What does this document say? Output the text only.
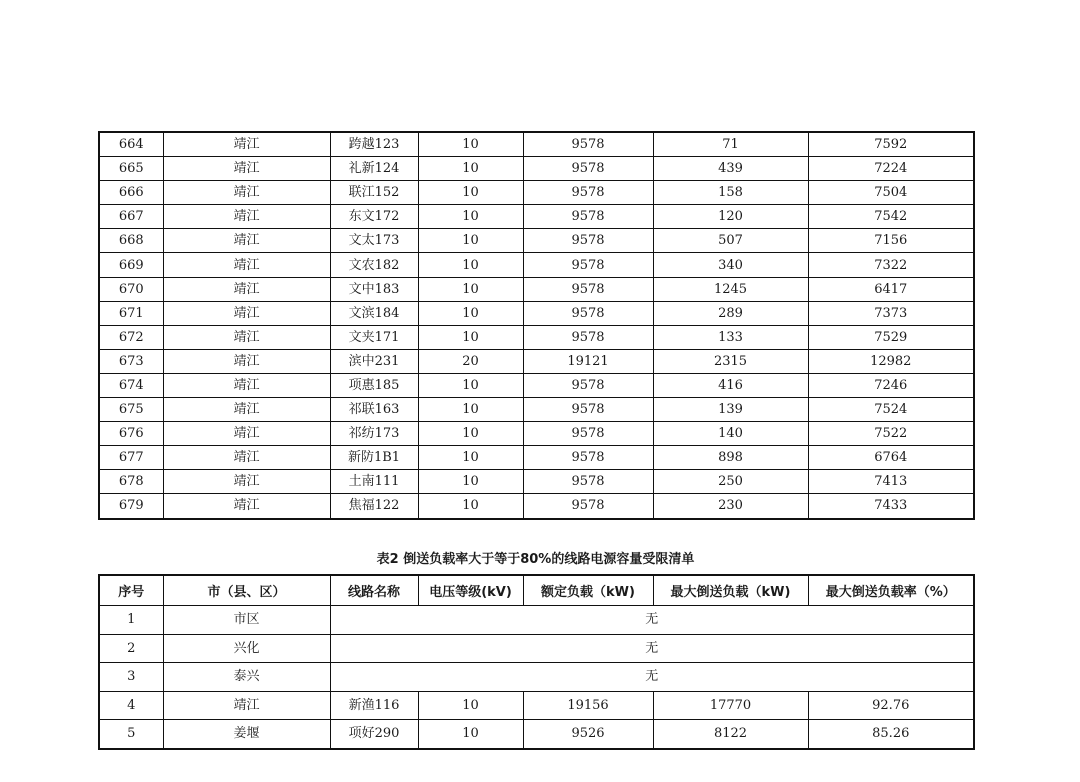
664	靖江	跨越123	10	9578	71	7592
665	靖江	礼新124	10	9578	439	7224
666	靖江	联江152	10	9578	158	7504
667	靖江	东文172	10	9578	120	7542
668	靖江	文太173	10	9578	507	7156
669	靖江	文农182	10	9578	340	7322
670	靖江	文中183	10	9578	1245	6417
671	靖江	文滨184	10	9578	289	7373
672	靖江	文夹171	10	9578	133	7529
673	靖江	滨中231	20	19121	2315	12982
674	靖江	项惠185	10	9578	416	7246
675	靖江	祁联163	10	9578	139	7524
676	靖江	祁纺173	10	9578	140	7522
677	靖江	新防1B1	10	9578	898	6764
678	靖江	土南111	10	9578	250	7413
679	靖江	焦福122	10	9578	230	7433
表2 倒送负载率大于等于80%的线路电源容量受限清单
序号	市（县、区）	线路名称	电压等级(kV)	额定负载（kW)	最大倒送负载（kW)	最大倒送负载率（%）
1	市区	无				
2	兴化	无				
3	泰兴	无				
4	靖江	新渔116	10	19156	17770	92.76
5	姜堰	项好290	10	9526	8122	85.26
